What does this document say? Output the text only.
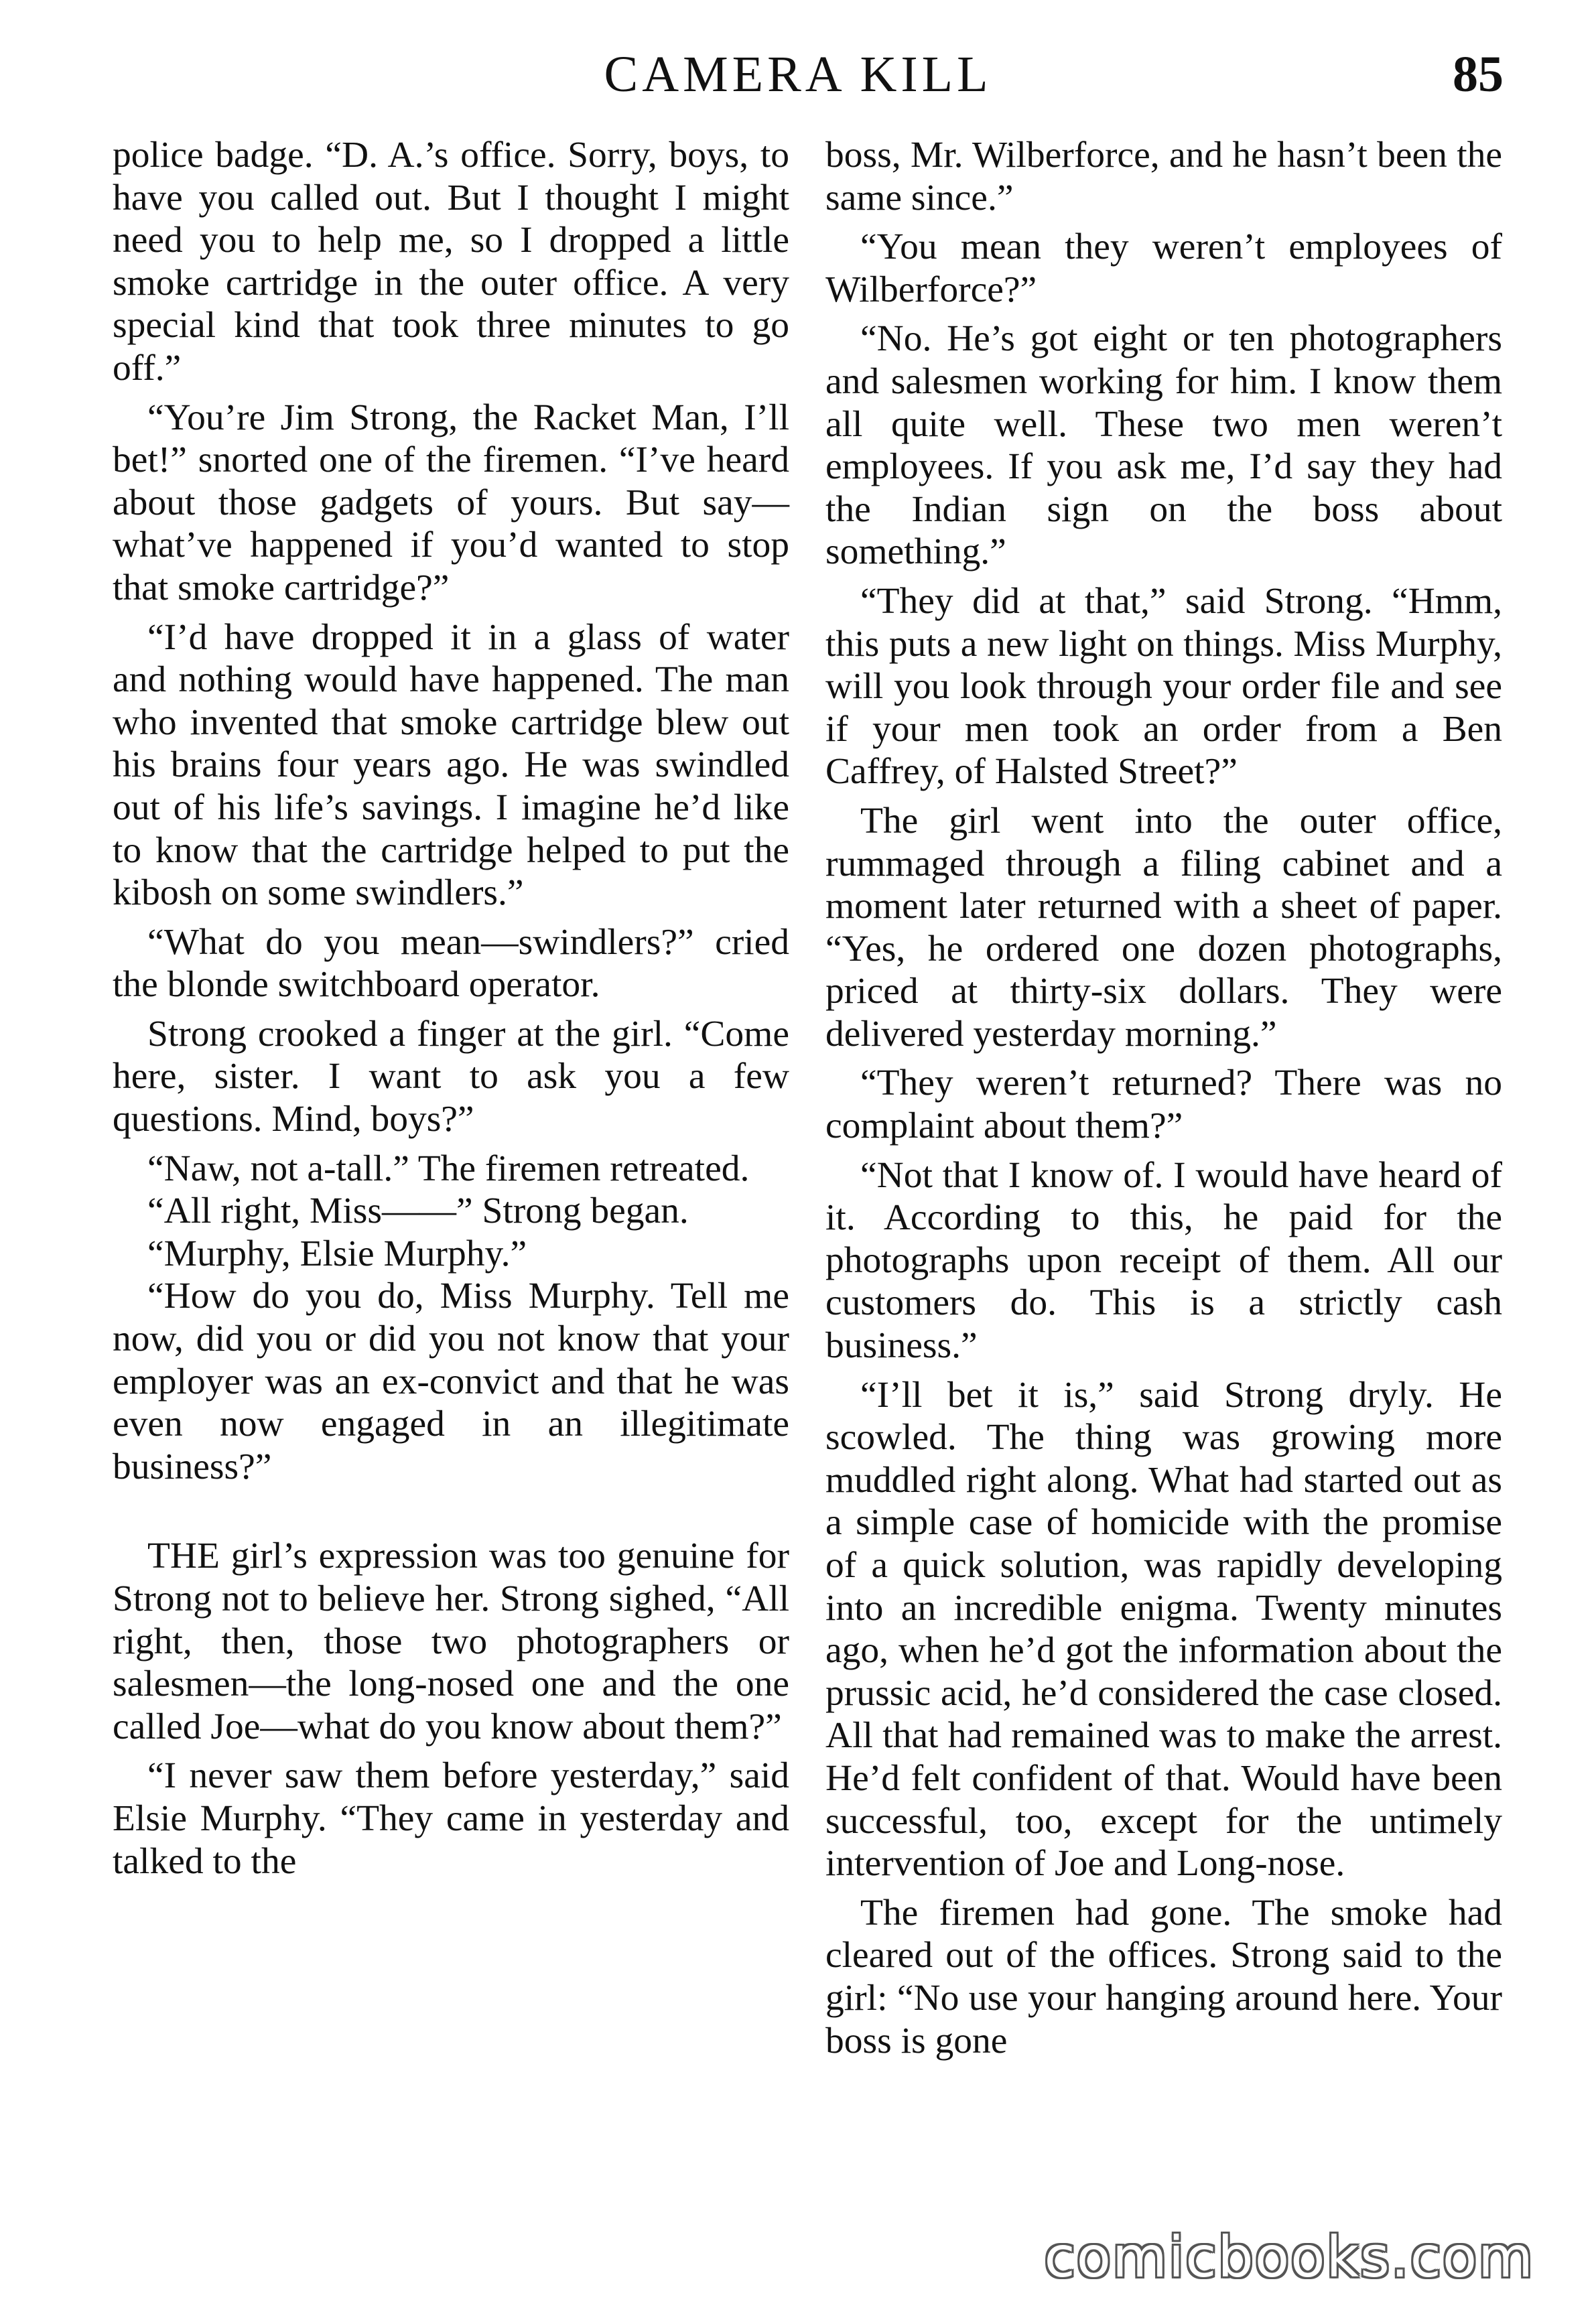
CAMERA KILL	85

police badge. “D. A.’s office. Sorry, boys, to have you called out. But I thought I might need you to help me, so I dropped a little smoke cartridge in the outer office. A very special kind that took three minutes to go off.”

“You’re Jim Strong, the Racket Man, I’ll bet!” snorted one of the firemen. “I’ve heard about those gadgets of yours. But say—what’ve happened if you’d wanted to stop that smoke cartridge?”

“I’d have dropped it in a glass of water and nothing would have happened. The man who invented that smoke cartridge blew out his brains four years ago. He was swindled out of his life’s savings. I imagine he’d like to know that the cartridge helped to put the kibosh on some swindlers.”

“What do you mean—swindlers?” cried the blonde switchboard operator.

Strong crooked a finger at the girl. “Come here, sister. I want to ask you a few questions. Mind, boys?”

“Naw, not a-tall.” The firemen retreated.

“All right, Miss——” Strong began.

“Murphy, Elsie Murphy.”

“How do you do, Miss Murphy. Tell me now, did you or did you not know that your employer was an ex-convict and that he was even now engaged in an illegitimate business?”

THE girl’s expression was too genuine for Strong not to believe her. Strong sighed, “All right, then, those two photographers or salesmen—the long-nosed one and the one called Joe—what do you know about them?”

“I never saw them before yesterday,” said Elsie Murphy. “They came in yesterday and talked to the

boss, Mr. Wilberforce, and he hasn’t been the same since.”

“You mean they weren’t employees of Wilberforce?”

“No. He’s got eight or ten photographers and salesmen working for him. I know them all quite well. These two men weren’t employees. If you ask me, I’d say they had the Indian sign on the boss about something.”

“They did at that,” said Strong. “Hmm, this puts a new light on things. Miss Murphy, will you look through your order file and see if your men took an order from a Ben Caffrey, of Halsted Street?”

The girl went into the outer office, rummaged through a filing cabinet and a moment later returned with a sheet of paper. “Yes, he ordered one dozen photographs, priced at thirty-six dollars. They were delivered yesterday morning.”

“They weren’t returned? There was no complaint about them?”

“Not that I know of. I would have heard of it. According to this, he paid for the photographs upon receipt of them. All our customers do. This is a strictly cash business.”

“I’ll bet it is,” said Strong dryly. He scowled. The thing was growing more muddled right along. What had started out as a simple case of homicide with the promise of a quick solution, was rapidly developing into an incredible enigma. Twenty minutes ago, when he’d got the information about the prussic acid, he’d considered the case closed. All that had remained was to make the arrest. He’d felt confident of that. Would have been successful, too, except for the untimely intervention of Joe and Long-nose.

The firemen had gone. The smoke had cleared out of the offices. Strong said to the girl: “No use your hanging around here. Your boss is gone

comicbooks.com
